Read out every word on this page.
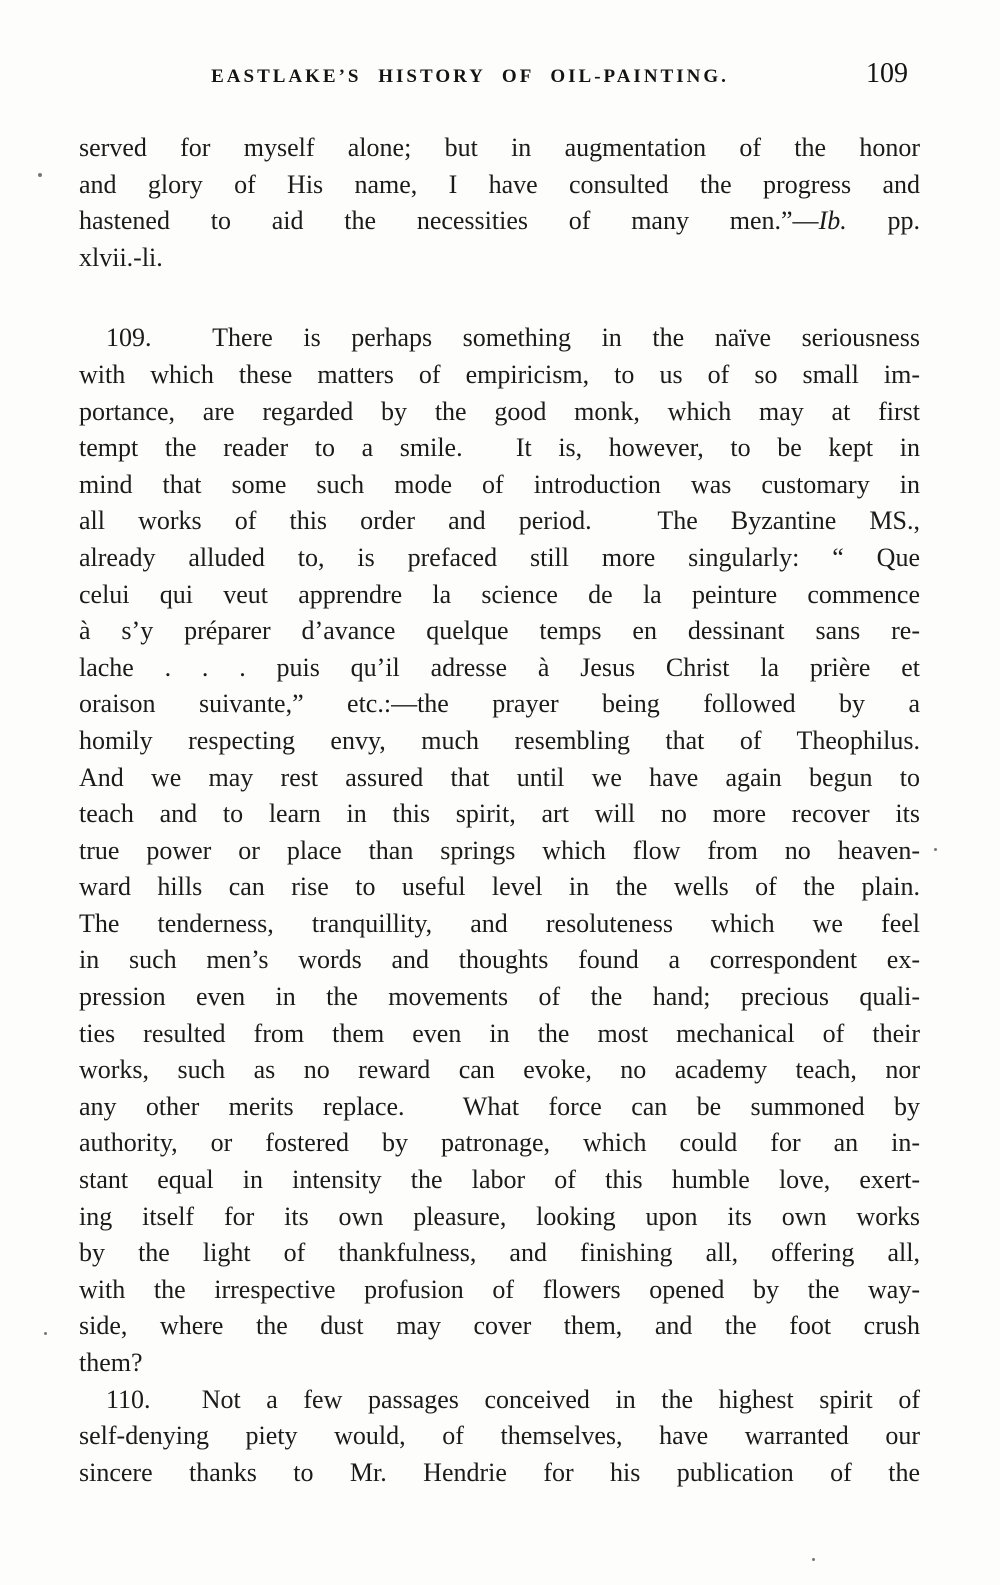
EASTLAKE’S HISTORY OF OIL-PAINTING.	109
served for myself alone; but in augmentation of the honor
and glory of His name, I have consulted the progress and
hastened to aid the necessities of many men.”—Ib. pp.
xlvii.-li.
109.  There is perhaps something in the naïve seriousness
with which these matters of empiricism, to us of so small im-
portance, are regarded by the good monk, which may at first
tempt the reader to a smile.  It is, however, to be kept in
mind that some such mode of introduction was customary in
all works of this order and period.  The Byzantine MS.,
already alluded to, is prefaced still more singularly: “ Que
celui qui veut apprendre la science de la peinture commence
à s’y préparer d’avance quelque temps en dessinant sans re-
lache . . . puis qu’il adresse à Jesus Christ la prière et
oraison suivante,” etc.:—the prayer being followed by a
homily respecting envy, much resembling that of Theophilus.
And we may rest assured that until we have again begun to
teach and to learn in this spirit, art will no more recover its
true power or place than springs which flow from no heaven-
ward hills can rise to useful level in the wells of the plain.
The tenderness, tranquillity, and resoluteness which we feel
in such men’s words and thoughts found a correspondent ex-
pression even in the movements of the hand; precious quali-
ties resulted from them even in the most mechanical of their
works, such as no reward can evoke, no academy teach, nor
any other merits replace.  What force can be summoned by
authority, or fostered by patronage, which could for an in-
stant equal in intensity the labor of this humble love, exert-
ing itself for its own pleasure, looking upon its own works
by the light of thankfulness, and finishing all, offering all,
with the irrespective profusion of flowers opened by the way-
side, where the dust may cover them, and the foot crush
them?
110.  Not a few passages conceived in the highest spirit of
self-denying piety would, of themselves, have warranted our
sincere thanks to Mr. Hendrie for his publication of the
